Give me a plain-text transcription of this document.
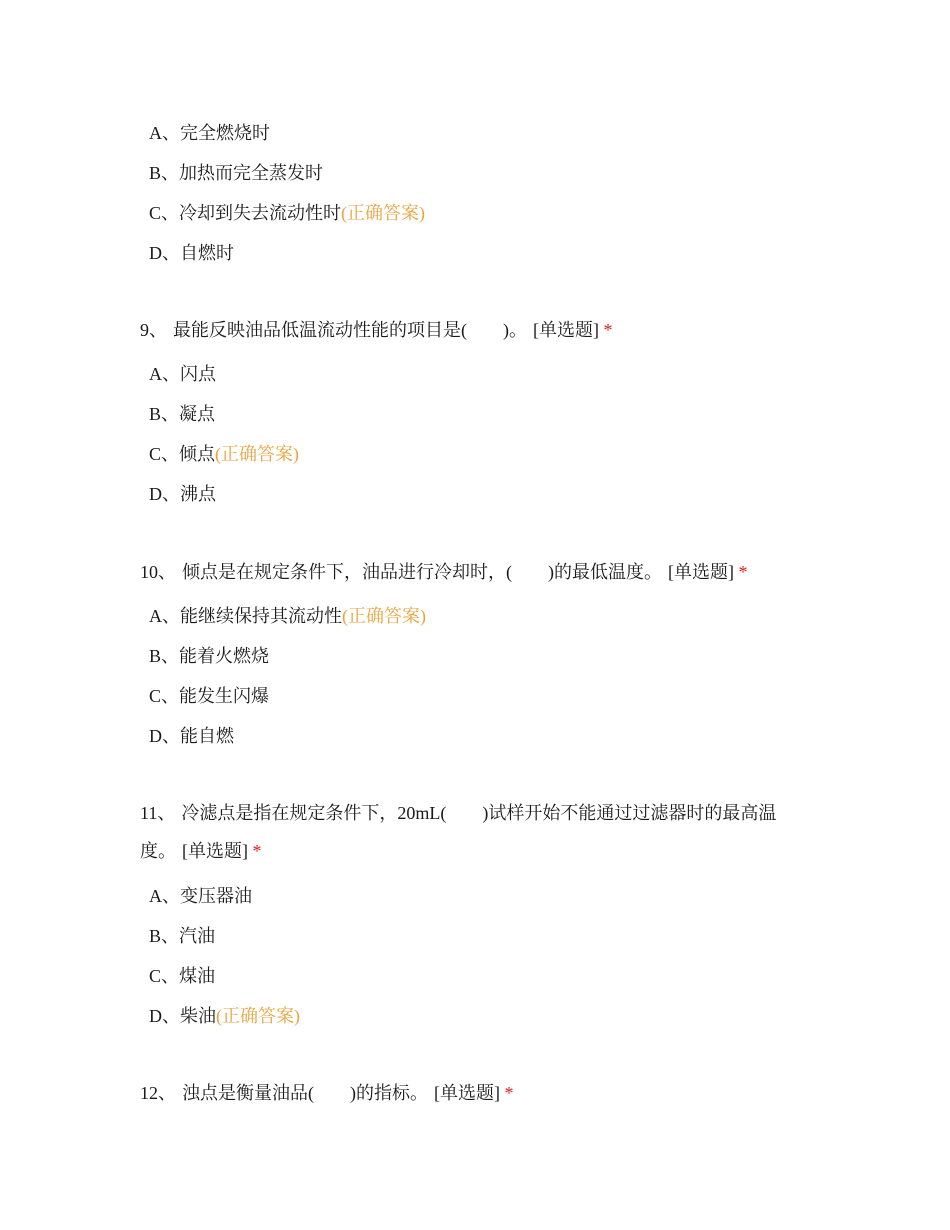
A、完全燃烧时
B、加热而完全蒸发时
C、冷却到失去流动性时(正确答案)
D、自燃时
9、 最能反映油品低温流动性能的项目是(　　)。 [单选题] *
A、闪点
B、凝点
C、倾点(正确答案)
D、沸点
10、 倾点是在规定条件下，油品进行冷却时，(　　)的最低温度。 [单选题] *
A、能继续保持其流动性(正确答案)
B、能着火燃烧
C、能发生闪爆
D、能自燃
11、 冷滤点是指在规定条件下，20mL(　　)试样开始不能通过过滤器时的最高温度。 [单选题] *
A、变压器油
B、汽油
C、煤油
D、柴油(正确答案)
12、 浊点是衡量油品(　　)的指标。 [单选题] *
